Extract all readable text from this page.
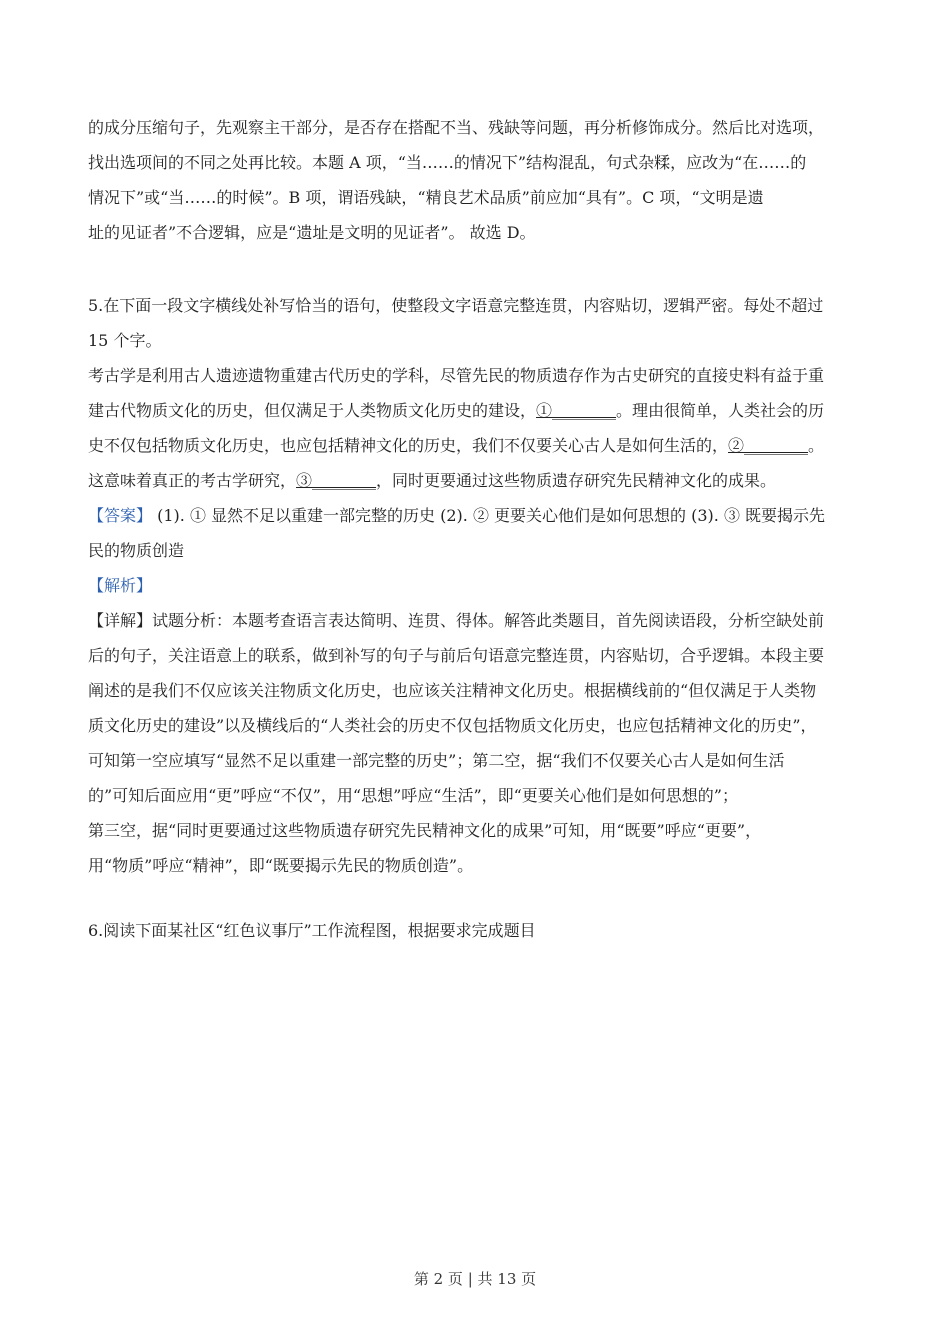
的成分压缩句子，先观察主干部分，是否存在搭配不当、残缺等问题，再分析修饰成分。然后比对选项，

找出选项间的不同之处再比较。本题 A 项，“当……的情况下”结构混乱，句式杂糅，应改为“在……的

情况下”或“当……的时候”。B 项，谓语残缺，“精良艺术品质”前应加“具有”。C 项，“文明是遗

址的见证者”不合逻辑，应是“遗址是文明的见证者”。 故选 D。

5.在下面一段文字横线处补写恰当的语句，使整段文字语意完整连贯，内容贴切，逻辑严密。每处不超过

15 个字。

考古学是利用古人遗迹遗物重建古代历史的学科，尽管先民的物质遗存作为古史研究的直接史料有益于重

建古代物质文化的历史，但仅满足于人类物质文化历史的建设，①________。理由很简单，人类社会的历

史不仅包括物质文化历史，也应包括精神文化的历史，我们不仅要关心古人是如何生活的，②________。

这意味着真正的考古学研究，③________，同时更要通过这些物质遗存研究先民精神文化的成果。

【答案】 (1). ① 显然不足以重建一部完整的历史 (2). ② 更要关心他们是如何思想的 (3). ③ 既要揭示先

民的物质创造

【解析】

【详解】试题分析：本题考查语言表达简明、连贯、得体。解答此类题目，首先阅读语段，分析空缺处前

后的句子，关注语意上的联系，做到补写的句子与前后句语意完整连贯，内容贴切，合乎逻辑。本段主要

阐述的是我们不仅应该关注物质文化历史，也应该关注精神文化历史。根据横线前的“但仅满足于人类物

质文化历史的建设”以及横线后的“人类社会的历史不仅包括物质文化历史，也应包括精神文化的历史”，

可知第一空应填写“显然不足以重建一部完整的历史”；第二空，据“我们不仅要关心古人是如何生活

的”可知后面应用“更”呼应“不仅”，用“思想”呼应“生活”，即“更要关心他们是如何思想的”；

第三空，据“同时更要通过这些物质遗存研究先民精神文化的成果”可知，用“既要”呼应“更要”，

用“物质”呼应“精神”，即“既要揭示先民的物质创造”。

6.阅读下面某社区“红色议事厅”工作流程图，根据要求完成题目

第 2 页 | 共 13 页
